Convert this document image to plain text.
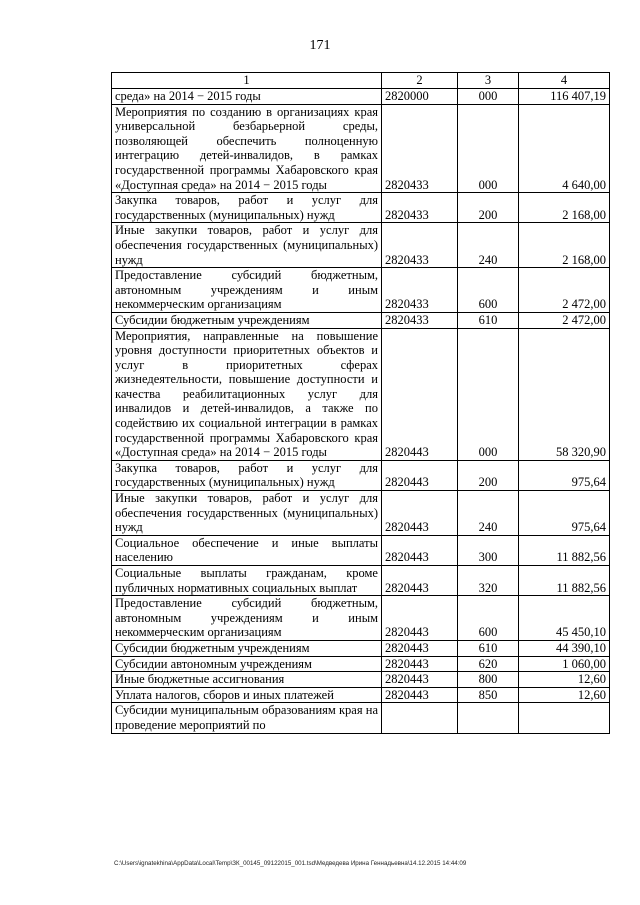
171
1	2	3	4
среда» на 2014 − 2015 годы	2820000	000	116 407,19
Мероприятия по созданию в организациях края универсальной безбарьерной среды, позволяющей обеспечить полноценную интеграцию детей-инвалидов, в рамках государственной программы Хабаровского края «Доступная среда» на 2014 − 2015 годы	2820433	000	4 640,00
Закупка товаров, работ и услуг для государственных (муниципальных) нужд	2820433	200	2 168,00
Иные закупки товаров, работ и услуг для обеспечения государственных (муниципальных) нужд	2820433	240	2 168,00
Предоставление субсидий бюджетным, автономным учреждениям и иным некоммерческим организациям	2820433	600	2 472,00
Субсидии бюджетным учреждениям	2820433	610	2 472,00
Мероприятия, направленные на повышение уровня доступности приоритетных объектов и услуг в приоритетных сферах жизнедеятельности, повышение доступности и качества реабилитационных услуг для инвалидов и детей-инвалидов, а также по содействию их социальной интеграции в рамках государственной программы Хабаровского края «Доступная среда» на 2014 − 2015 годы	2820443	000	58 320,90
Закупка товаров, работ и услуг для государственных (муниципальных) нужд	2820443	200	975,64
Иные закупки товаров, работ и услуг для обеспечения государственных (муниципальных) нужд	2820443	240	975,64
Социальное обеспечение и иные выплаты населению	2820443	300	11 882,56
Социальные выплаты гражданам, кроме публичных нормативных социальных выплат	2820443	320	11 882,56
Предоставление субсидий бюджетным, автономным учреждениям и иным некоммерческим организациям	2820443	600	45 450,10
Субсидии бюджетным учреждениям	2820443	610	44 390,10
Субсидии автономным учреждениям	2820443	620	1 060,00
Иные бюджетные ассигнования	2820443	800	12,60
Уплата налогов, сборов и иных платежей	2820443	850	12,60
Субсидии муниципальным образованиям края на проведение мероприятий по			
C:\Users\ignatekhina\AppData\Local\Temp\ЗК_00145_09122015_001.tsd\Медведева Ирина Геннадьевна\14.12.2015 14:44:09
